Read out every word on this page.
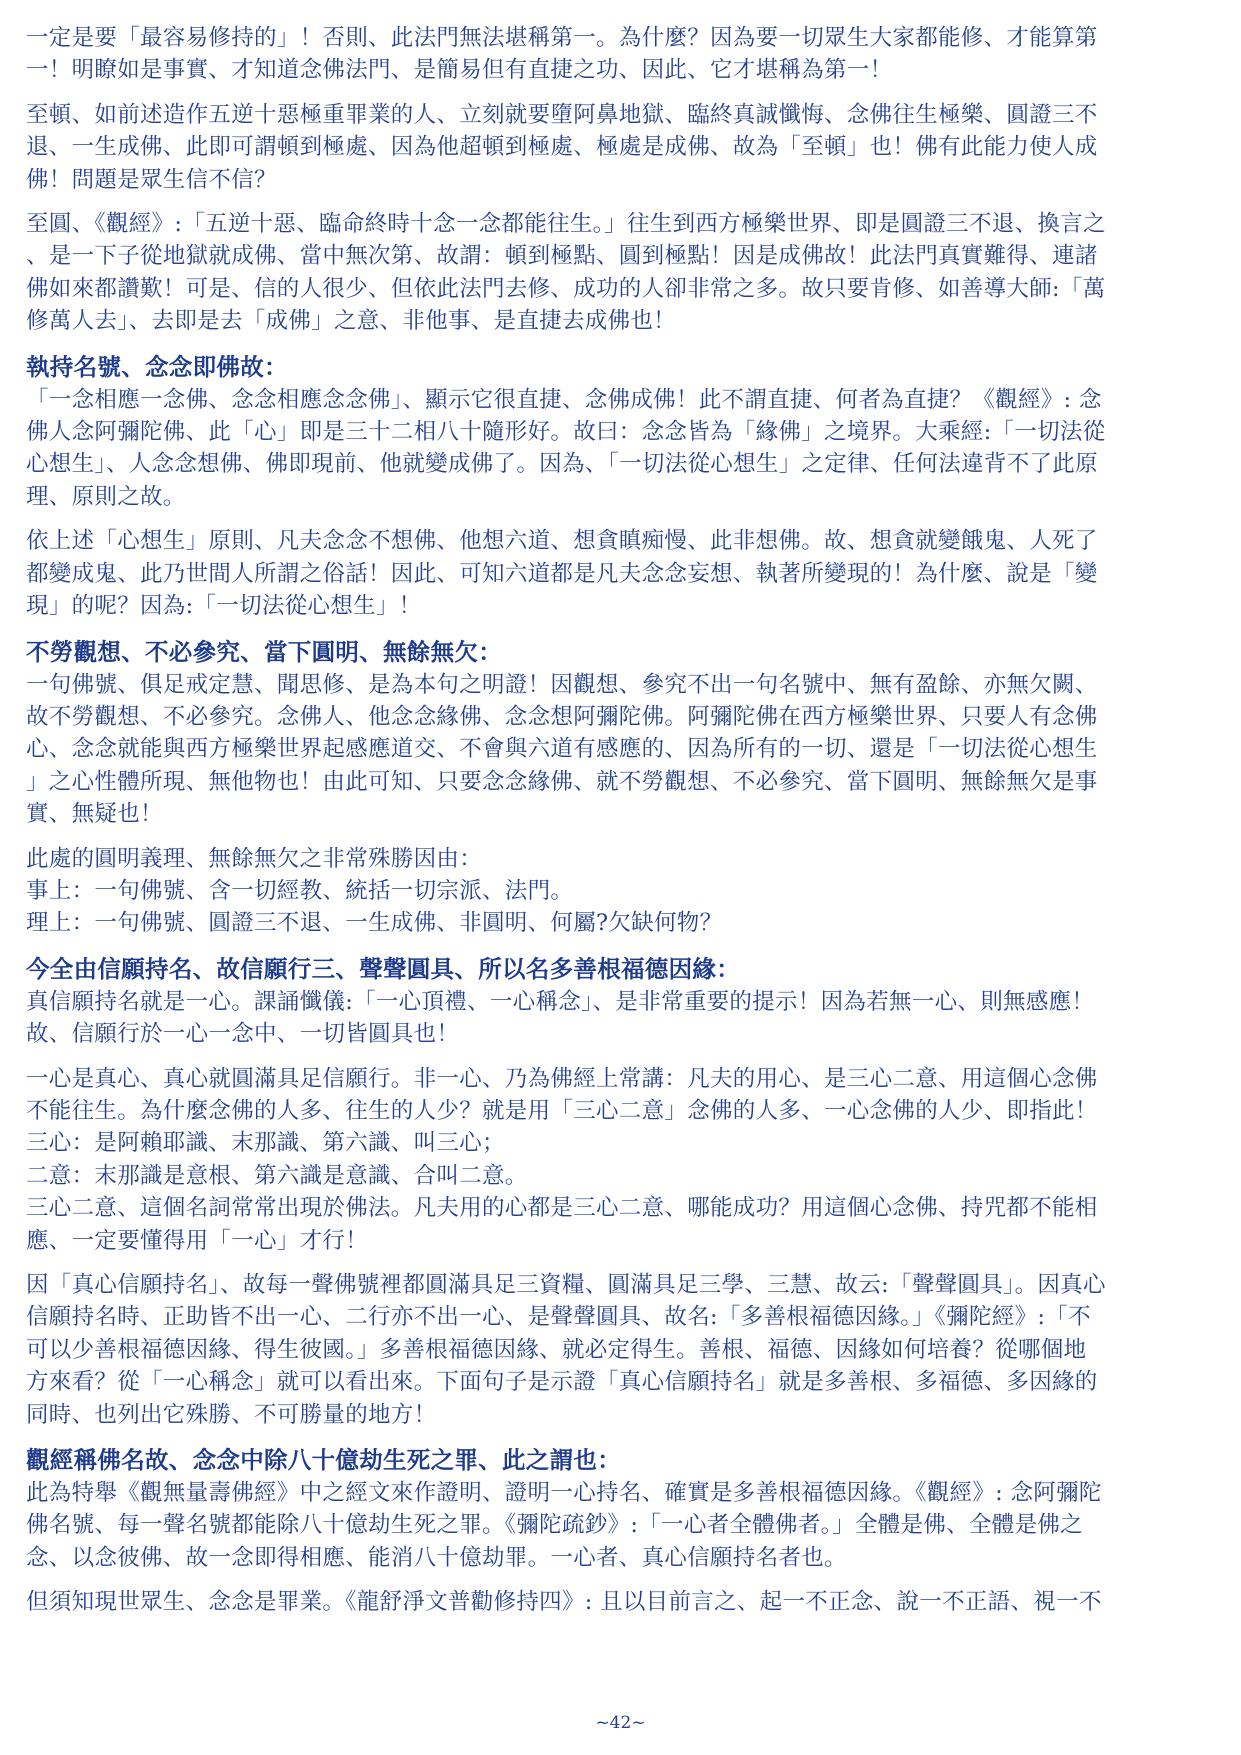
一定是要「最容易修持的」！否則、此法門無法堪稱第一。為什麼？因為要一切眾生大家都能修、才能算第
一！明瞭如是事實、才知道念佛法門、是簡易但有直捷之功、因此、它才堪稱為第一！

至頓、如前述造作五逆十惡極重罪業的人、立刻就要墮阿鼻地獄、臨終真誠懺悔、念佛往生極樂、圓證三不
退、一生成佛、此即可謂頓到極處、因為他超頓到極處、極處是成佛、故為「至頓」也！佛有此能力使人成
佛！問題是眾生信不信？

至圓、《觀經》:「五逆十惡、臨命終時十念一念都能往生。」往生到西方極樂世界、即是圓證三不退、換言之
、是一下子從地獄就成佛、當中無次第、故謂：頓到極點、圓到極點！因是成佛故！此法門真實難得、連諸
佛如來都讚歎！可是、信的人很少、但依此法門去修、成功的人卻非常之多。故只要肯修、如善導大師:「萬
修萬人去」、去即是去「成佛」之意、非他事、是直捷去成佛也！

執持名號、念念即佛故：

「一念相應一念佛、念念相應念念佛」、顯示它很直捷、念佛成佛！此不謂直捷、何者為直捷？《觀經》: 念
佛人念阿彌陀佛、此「心」即是三十二相八十隨形好。故曰：念念皆為「緣佛」之境界。大乘經:「一切法從
心想生」、人念念想佛、佛即現前、他就變成佛了。因為、「一切法從心想生」之定律、任何法違背不了此原
理、原則之故。

依上述「心想生」原則、凡夫念念不想佛、他想六道、想貪瞋痴慢、此非想佛。故、想貪就變餓鬼、人死了
都變成鬼、此乃世間人所謂之俗話！因此、可知六道都是凡夫念念妄想、執著所變現的！為什麼、說是「變
現」的呢？因為:「一切法從心想生」！

不勞觀想、不必參究、當下圓明、無餘無欠：

一句佛號、俱足戒定慧、聞思修、是為本句之明證！因觀想、參究不出一句名號中、無有盈餘、亦無欠闕、
故不勞觀想、不必參究。念佛人、他念念緣佛、念念想阿彌陀佛。阿彌陀佛在西方極樂世界、只要人有念佛
心、念念就能與西方極樂世界起感應道交、不會與六道有感應的、因為所有的一切、還是「一切法從心想生
」之心性體所現、無他物也！由此可知、只要念念緣佛、就不勞觀想、不必參究、當下圓明、無餘無欠是事
實、無疑也！

此處的圓明義理、無餘無欠之非常殊勝因由：
事上：一句佛號、含一切經教、統括一切宗派、法門。
理上：一句佛號、圓證三不退、一生成佛、非圓明、何屬?欠缺何物？

今全由信願持名、故信願行三、聲聲圓具、所以名多善根福德因緣：

真信願持名就是一心。課誦懺儀:「一心頂禮、一心稱念」、是非常重要的提示！因為若無一心、則無感應！
故、信願行於一心一念中、一切皆圓具也！

一心是真心、真心就圓滿具足信願行。非一心、乃為佛經上常講：凡夫的用心、是三心二意、用這個心念佛
不能往生。為什麼念佛的人多、往生的人少？就是用「三心二意」念佛的人多、一心念佛的人少、即指此！
三心：是阿賴耶識、末那識、第六識、叫三心；
二意：末那識是意根、第六識是意識、合叫二意。
三心二意、這個名詞常常出現於佛法。凡夫用的心都是三心二意、哪能成功？用這個心念佛、持咒都不能相
應、一定要懂得用「一心」才行！

因「真心信願持名」、故每一聲佛號裡都圓滿具足三資糧、圓滿具足三學、三慧、故云:「聲聲圓具」。因真心
信願持名時、正助皆不出一心、二行亦不出一心、是聲聲圓具、故名:「多善根福德因緣。」《彌陀經》:「不
可以少善根福德因緣、得生彼國。」多善根福德因緣、就必定得生。善根、福德、因緣如何培養？從哪個地
方來看？從「一心稱念」就可以看出來。下面句子是示證「真心信願持名」就是多善根、多福德、多因緣的
同時、也列出它殊勝、不可勝量的地方！

觀經稱佛名故、念念中除八十億劫生死之罪、此之謂也：

此為特舉《觀無量壽佛經》中之經文來作證明、證明一心持名、確實是多善根福德因緣。《觀經》: 念阿彌陀
佛名號、每一聲名號都能除八十億劫生死之罪。《彌陀疏鈔》:「一心者全體佛者。」全體是佛、全體是佛之
念、以念彼佛、故一念即得相應、能消八十億劫罪。一心者、真心信願持名者也。

但須知現世眾生、念念是罪業。《龍舒淨文普勸修持四》: 且以目前言之、起一不正念、說一不正語、視一不

~42~
